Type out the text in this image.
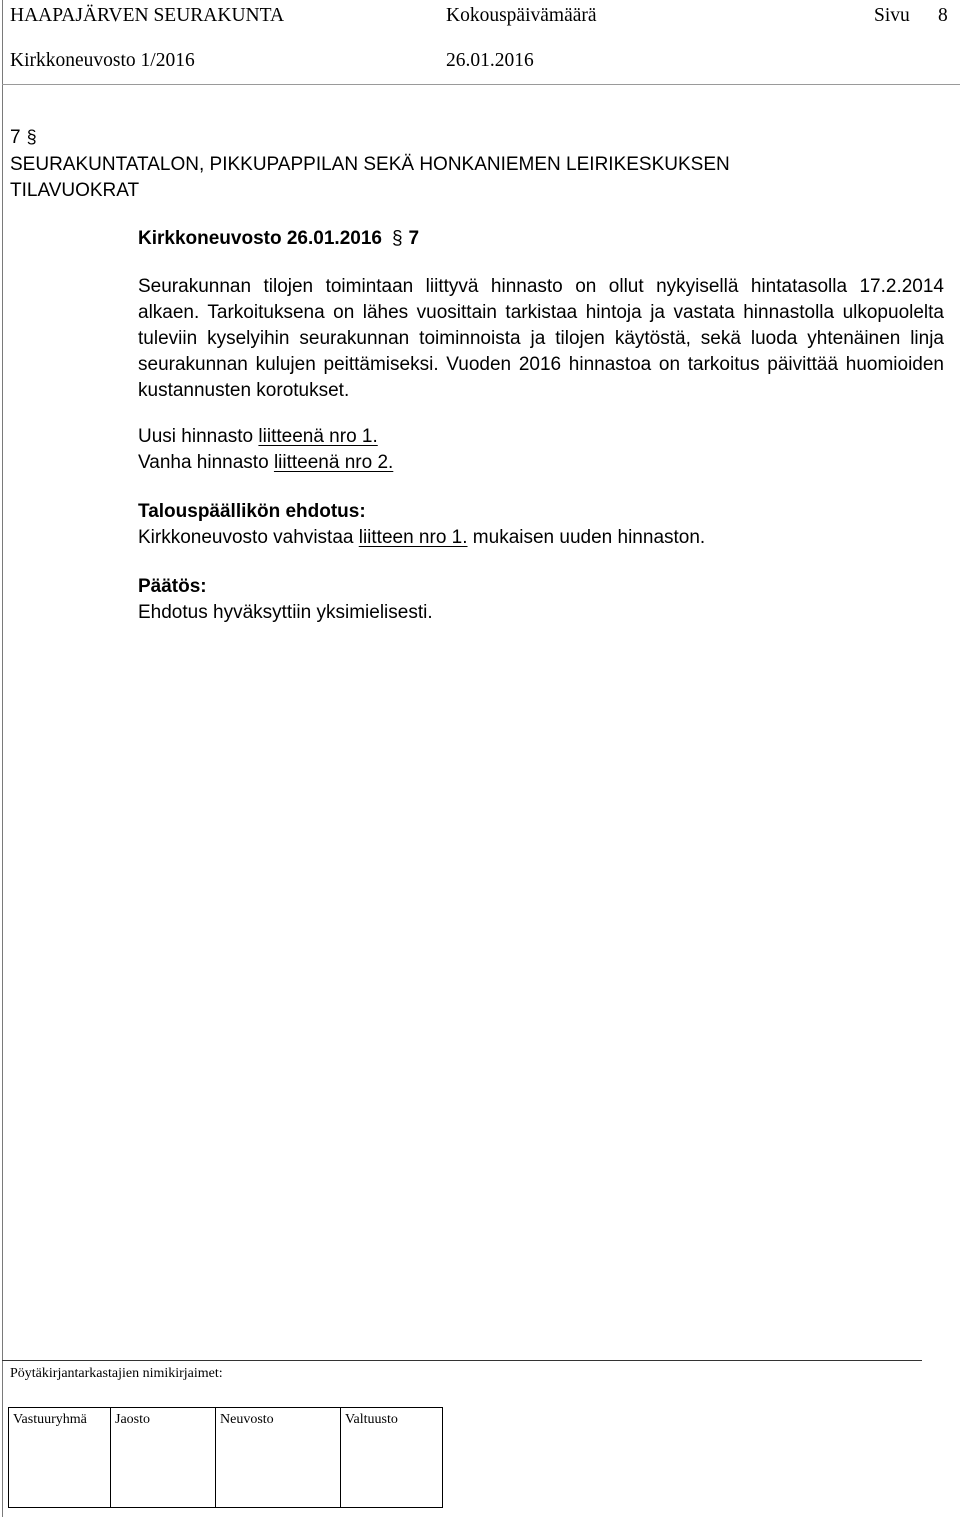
HAAPAJÄRVEN SEURAKUNTA	Kokouspäivämäärä	Sivu 8
Kirkkoneuvosto 1/2016	26.01.2016
7 §
SEURAKUNTATALON, PIKKUPAPPILAN SEKÄ HONKANIEMEN LEIRIKESKUKSEN
TILAVUOKRAT
Kirkkoneuvosto 26.01.2016 § 7
Seurakunnan tilojen toimintaan liittyvä hinnasto on ollut nykyisellä hintatasolla 17.2.2014 alkaen. Tarkoituksena on lähes vuosittain tarkistaa hintoja ja vastata hinnastolla ulkopuolelta tuleviin kyselyihin seurakunnan toiminnoista ja tilojen käytöstä, sekä luoda yhtenäinen linja seurakunnan kulujen peittämiseksi. Vuoden 2016 hinnastoa on tarkoitus päivittää huomioiden kustannusten korotukset.
Uusi hinnasto liitteenä nro 1.
Vanha hinnasto liitteenä nro 2.
Talouspäällikön ehdotus:
Kirkkoneuvosto vahvistaa liitteen nro 1. mukaisen uuden hinnaston.
Päätös:
Ehdotus hyväksyttiin yksimielisesti.
Pöytäkirjantarkastajien nimikirjaimet:
Vastuuryhmä	Jaosto	Neuvosto	Valtuusto
